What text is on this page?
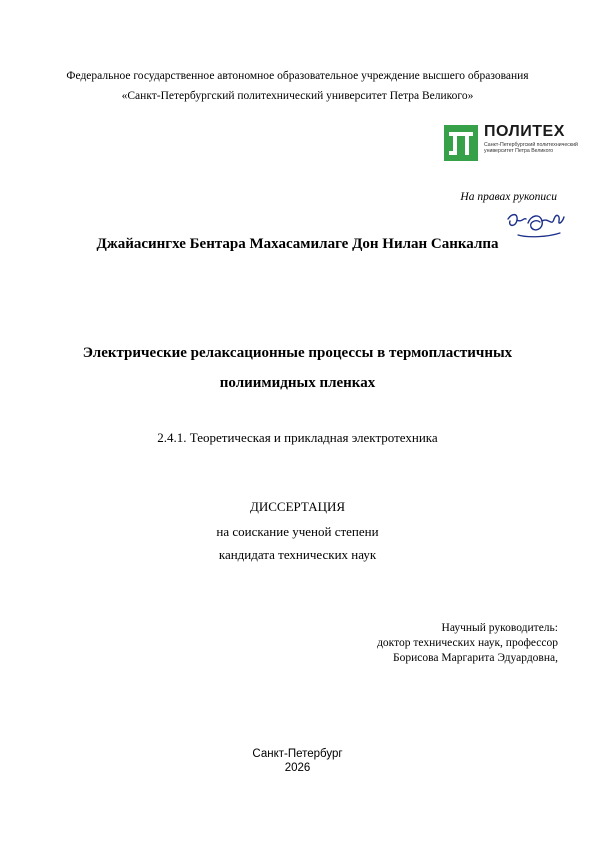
Федеральное государственное автономное образовательное учреждение высшего образования
«Санкт-Петербургский политехнический университет Петра Великого»
ПОЛИТЕХ
Санкт-Петербургский политехнический университет Петра Великого
На правах рукописи
Джайасингхе Бентара Махасамилаге Дон Нилан Санкалпа
Электрические релаксационные процессы в термопластичных
полиимидных пленках
2.4.1. Теоретическая и прикладная электротехника
ДИССЕРТАЦИЯ
на соискание ученой степени
кандидата технических наук
Научный руководитель:
доктор технических наук, профессор
Борисова Маргарита Эдуардовна,
Санкт-Петербург
2026
